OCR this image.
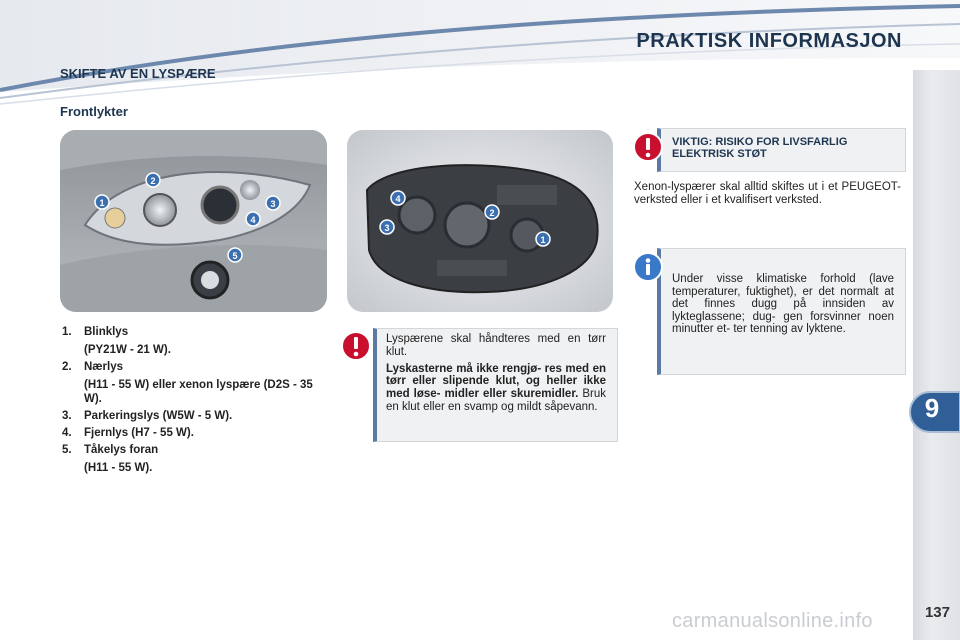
PRAKTISK INFORMASJON
9
SKIFTE AV EN LYSPÆRE
Frontlykter
1
2
3
4
5
4
2
3
1
1. Blinklys
(PY21W - 21 W).
2. Nærlys
(H11 - 55 W) eller xenon lyspære (D2S - 35 W).
3. Parkeringslys (W5W - 5 W).
4. Fjernlys (H7 - 55 W).
5. Tåkelys foran
(H11 - 55 W).
Lyspærene skal håndteres med en tørr klut.
Lyskasterne må ikke rengjø- res med en tørr eller slipende klut, og heller ikke med løse- midler eller skuremidler. Bruk en klut eller en svamp og mildt såpevann.
VIKTIG: RISIKO FOR LIVSFARLIG ELEKTRISK STØT
Xenon-lyspærer skal alltid skiftes ut i et PEUGEOT-verksted eller i et kvalifisert verksted.
Under visse klimatiske forhold (lave temperaturer, fuktighet), er det normalt at det finnes dugg på innsiden av lykteglassene; dug- gen forsvinner noen minutter et- ter tenning av lyktene.
137
carmanualsonline.info
